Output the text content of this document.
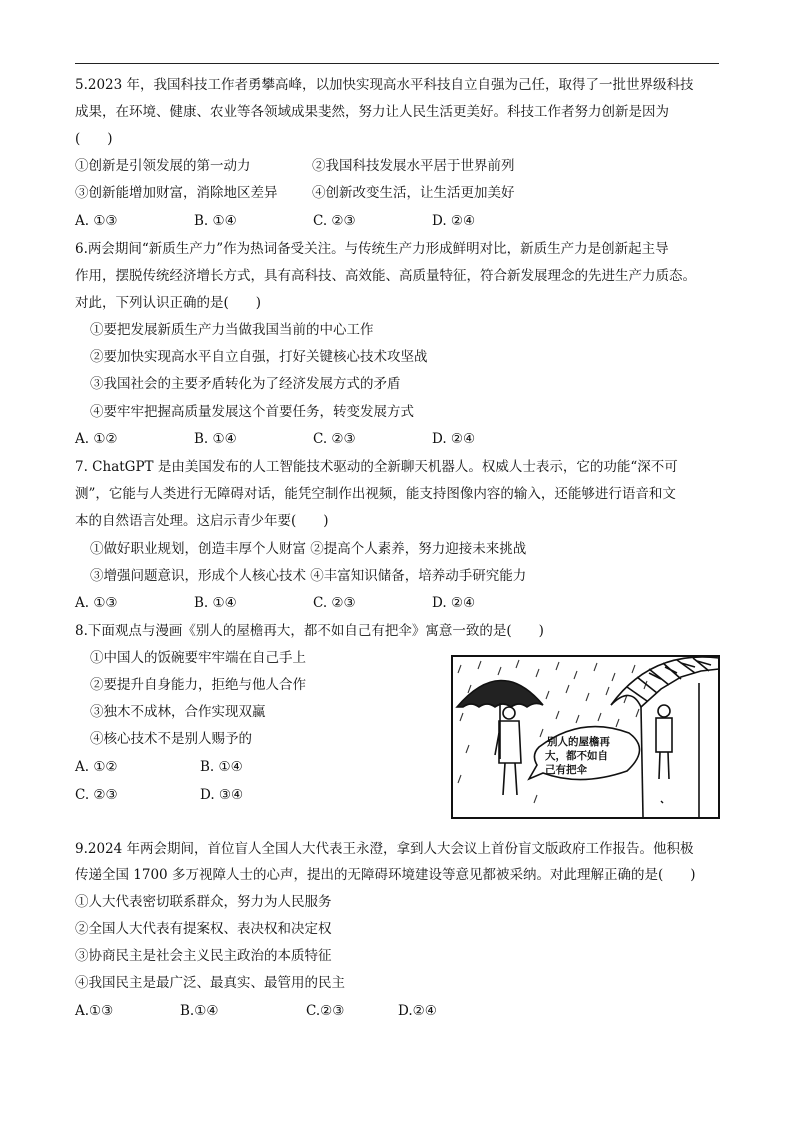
5.2023 年，我国科技工作者勇攀高峰，以加快实现高水平科技自立自强为己任，取得了一批世界级科技
成果，在环境、健康、农业等各领域成果斐然，努力让人民生活更美好。科技工作者努力创新是因为
(　　)
①创新是引领发展的第一动力	②我国科技发展水平居于世界前列
③创新能增加财富，消除地区差异	④创新改变生活，让生活更加美好
A. ①③	B. ①④	C. ②③	D. ②④
6.两会期间“新质生产力”作为热词备受关注。与传统生产力形成鲜明对比，新质生产力是创新起主导
作用，摆脱传统经济增长方式，具有高科技、高效能、高质量特征，符合新发展理念的先进生产力质态。
对此，下列认识正确的是(　　)
①要把发展新质生产力当做我国当前的中心工作
②要加快实现高水平自立自强，打好关键核心技术攻坚战
③我国社会的主要矛盾转化为了经济发展方式的矛盾
④要牢牢把握高质量发展这个首要任务，转变发展方式
A. ①②	B. ①④	C. ②③	D. ②④
7. ChatGPT 是由美国发布的人工智能技术驱动的全新聊天机器人。权威人士表示，它的功能“深不可
测”，它能与人类进行无障碍对话，能凭空制作出视频，能支持图像内容的输入，还能够进行语音和文
本的自然语言处理。这启示青少年要(　　)
①做好职业规划，创造丰厚个人财富 ②提高个人素养，努力迎接未来挑战
③增强问题意识，形成个人核心技术 ④丰富知识储备，培养动手研究能力
A. ①③	B. ①④	C. ②③	D. ②④
8.下面观点与漫画《别人的屋檐再大，都不如自己有把伞》寓意一致的是(　　)
①中国人的饭碗要牢牢端在自己手上
②要提升自身能力，拒绝与他人合作
③独木不成林，合作实现双赢
④核心技术不是别人赐予的
A. ①②	B. ①④
C. ②③	D. ③④
别人的屋檐再
大，都不如自
己有把伞
9.2024 年两会期间，首位盲人全国人大代表王永澄，拿到人大会议上首份盲文版政府工作报告。他积极
传递全国 1700 多万视障人士的心声，提出的无障碍环境建设等意见都被采纳。对此理解正确的是(　　)
①人大代表密切联系群众，努力为人民服务
②全国人大代表有提案权、表决权和决定权
③协商民主是社会主义民主政治的本质特征
④我国民主是最广泛、最真实、最管用的民主
A.①③	B.①④	C.②③	D.②④
